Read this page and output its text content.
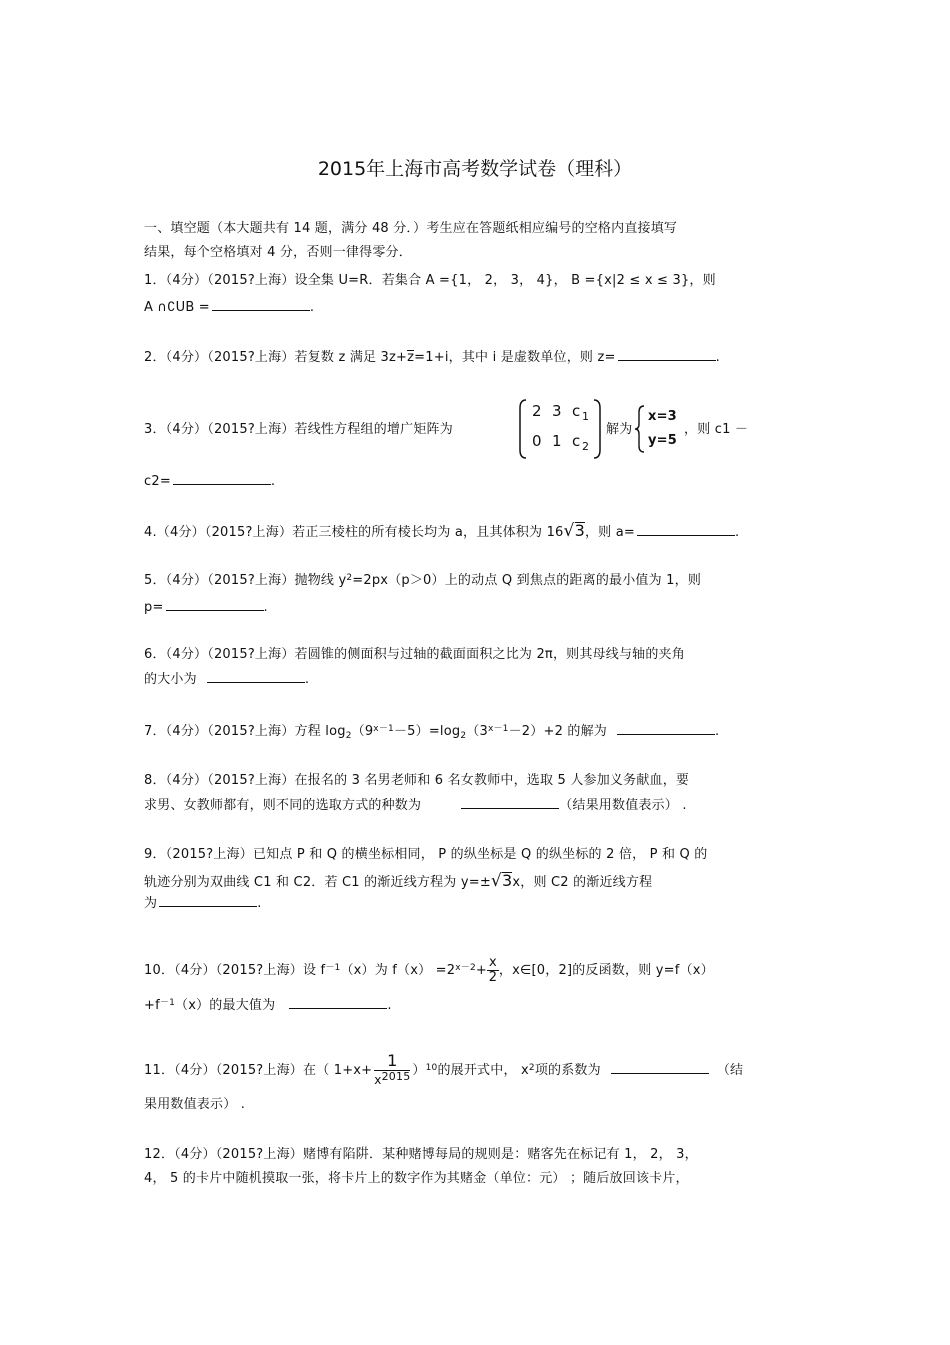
2015年上海市高考数学试卷（理科）
一、填空题（本大题共有 14 题，满分 48 分．）考生应在答题纸相应编号的空格内直接填写
结果，每个空格填对 4 分，否则一律得零分．
1．（4分）（2015?上海）设全集 U=R．若集合 A ={1， 2， 3， 4}， B ={x|2 ≤ x ≤ 3}，则
A ∩∁UB =	.
2．（4分）（2015?上海）若复数 z 满足 3z+z=1+i，其中 i 是虚数单位，则 z=	.
3．（4分）（2015?上海）若线性方程组的增广矩阵为
2 3 c 1
0 1 c 2
解为
x=3
y=5
，则 c1 －
c2=	.
4.（4分）（2015?上海）若正三棱柱的所有棱长均为 a，且其体积为 16√3，则 a=	.
5．（4分）（2015?上海）抛物线 $y^2=2px(p>0)$上的动点 Q 到焦点的距离的最小值为 1，则
p=	.
6．（4分）（2015?上海）若圆锥的侧面积与过轴的截面面积之比为 2π，则其母线与轴的夹角
的大小为	.
7．（4分）（2015?上海）方程 $\log_2(9^{x-1}-5)=\log_2(3^{x-1}-2)+2$ 的解为	.
8．（4分）（2015?上海）在报名的 3 名男老师和 6 名女教师中，选取 5 人参加义务献血，要
求男、女教师都有，则不同的选取方式的种数为	（结果用数值表示） .
9．（2015?上海）已知点 P 和 Q 的横坐标相同， P 的纵坐标是 Q 的纵坐标的 2 倍， P 和 Q 的
轨迹分别为双曲线 C1 和 C2．若 C1 的渐近线方程为 y=±√3x，则 C2 的渐近线方程
为	.
10．（4分）（2015?上海）设 $f^{-1}(x)$为 $f(x) =2^{x-2}+ \frac{x}{2}$ ，x∈[0，2]的反函数，则 y=f（x）
$+f^{-1}(x)$的最大值为	.
11．（4分）（2015?上海）在（ 1+x+
1
$x^{2015}$ ）$^{10}$的展开式中， $x^2$项的系数为	（结
果用数值表示） .
12．（4分）（2015?上海）赌博有陷阱．某种赌博每局的规则是：赌客先在标记有 1， 2， 3，
4， 5 的卡片中随机摸取一张，将卡片上的数字作为其赌金（单位：元） ；随后放回该卡片，
